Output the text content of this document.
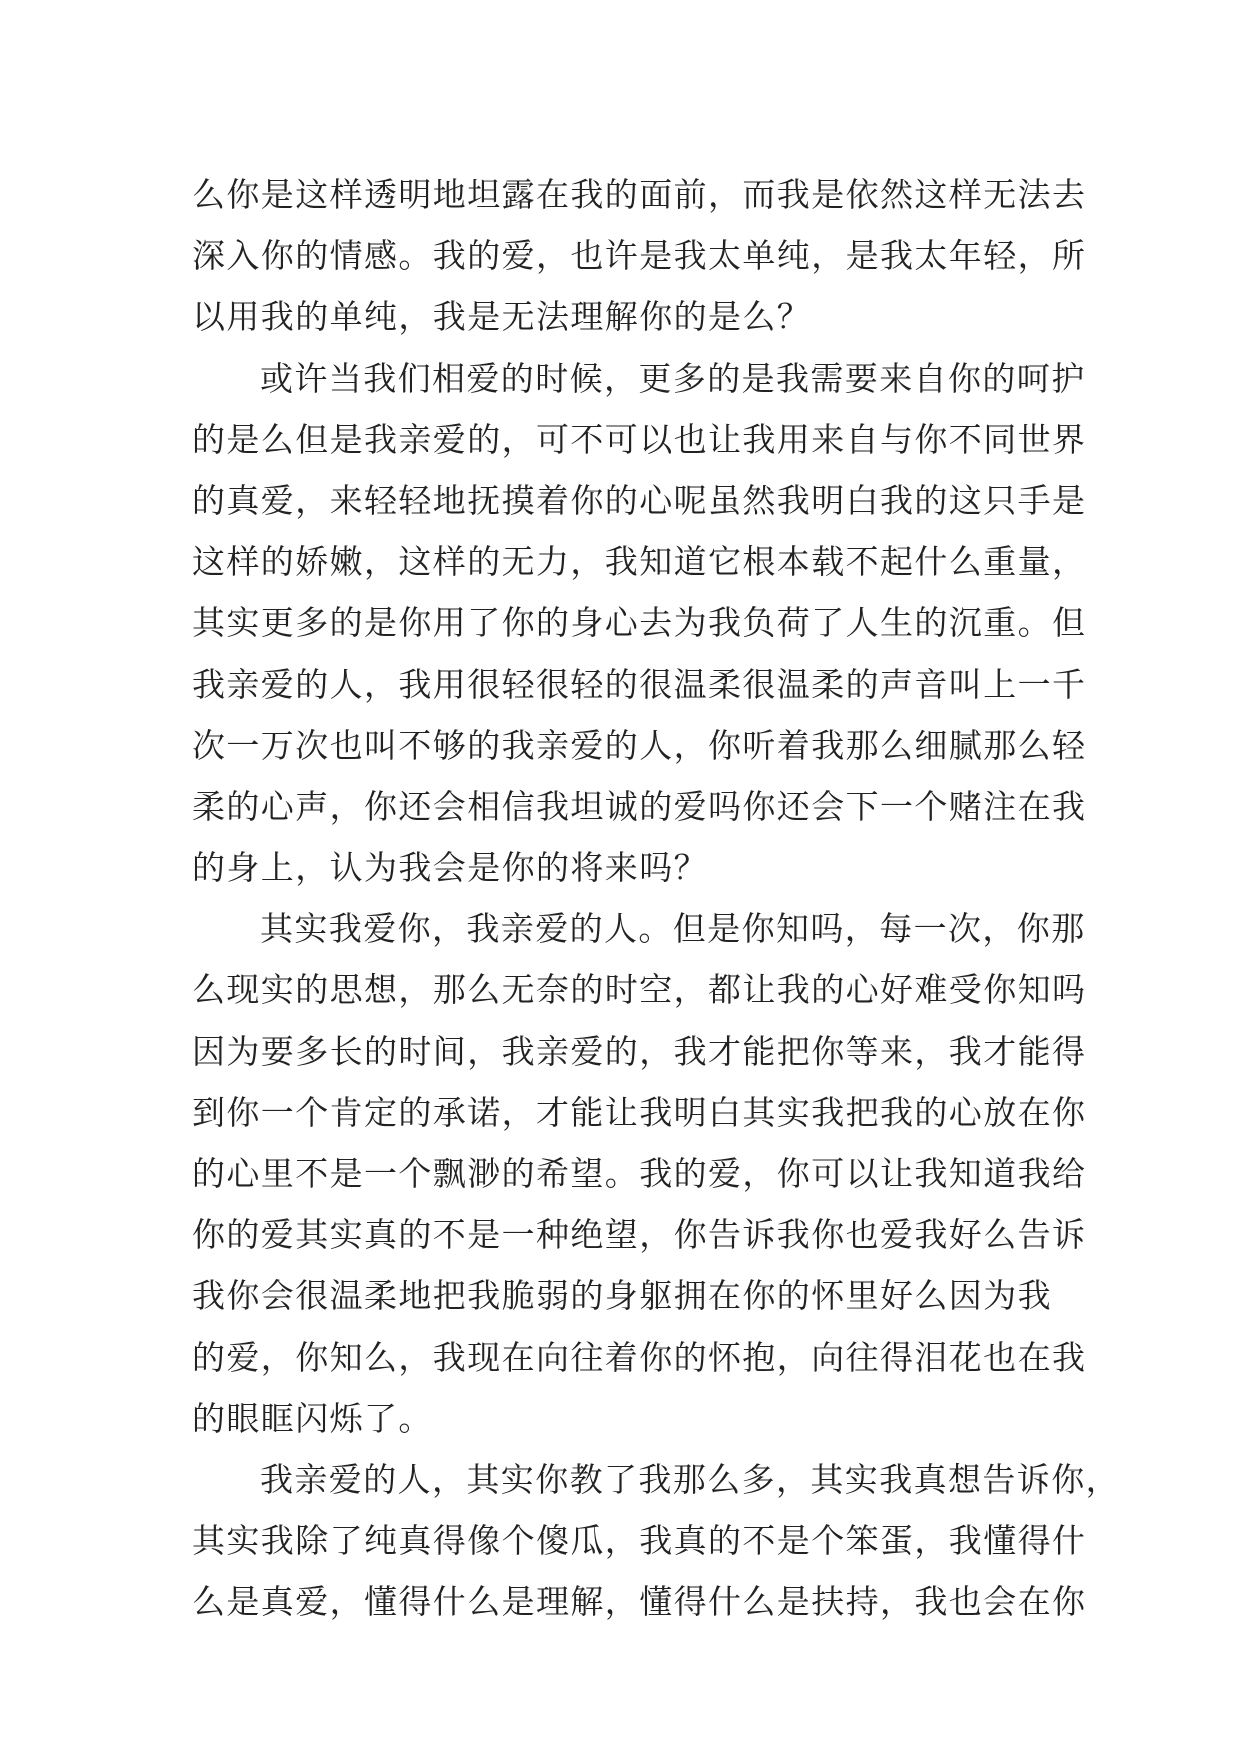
么你是这样透明地坦露在我的面前，而我是依然这样无法去
深入你的情感。我的爱，也许是我太单纯，是我太年轻，所
以用我的单纯，我是无法理解你的是么？
或许当我们相爱的时候，更多的是我需要来自你的呵护
的是么但是我亲爱的，可不可以也让我用来自与你不同世界
的真爱，来轻轻地抚摸着你的心呢虽然我明白我的这只手是
这样的娇嫩，这样的无力，我知道它根本载不起什么重量，
其实更多的是你用了你的身心去为我负荷了人生的沉重。但
我亲爱的人，我用很轻很轻的很温柔很温柔的声音叫上一千
次一万次也叫不够的我亲爱的人，你听着我那么细腻那么轻
柔的心声，你还会相信我坦诚的爱吗你还会下一个赌注在我
的身上，认为我会是你的将来吗？
其实我爱你，我亲爱的人。但是你知吗，每一次，你那
么现实的思想，那么无奈的时空，都让我的心好难受你知吗
因为要多长的时间，我亲爱的，我才能把你等来，我才能得
到你一个肯定的承诺，才能让我明白其实我把我的心放在你
的心里不是一个飘渺的希望。我的爱，你可以让我知道我给
你的爱其实真的不是一种绝望，你告诉我你也爱我好么告诉
我你会很温柔地把我脆弱的身躯拥在你的怀里好么因为我
的爱，你知么，我现在向往着你的怀抱，向往得泪花也在我
的眼眶闪烁了。
我亲爱的人，其实你教了我那么多，其实我真想告诉你，
其实我除了纯真得像个傻瓜，我真的不是个笨蛋，我懂得什
么是真爱，懂得什么是理解，懂得什么是扶持，我也会在你
